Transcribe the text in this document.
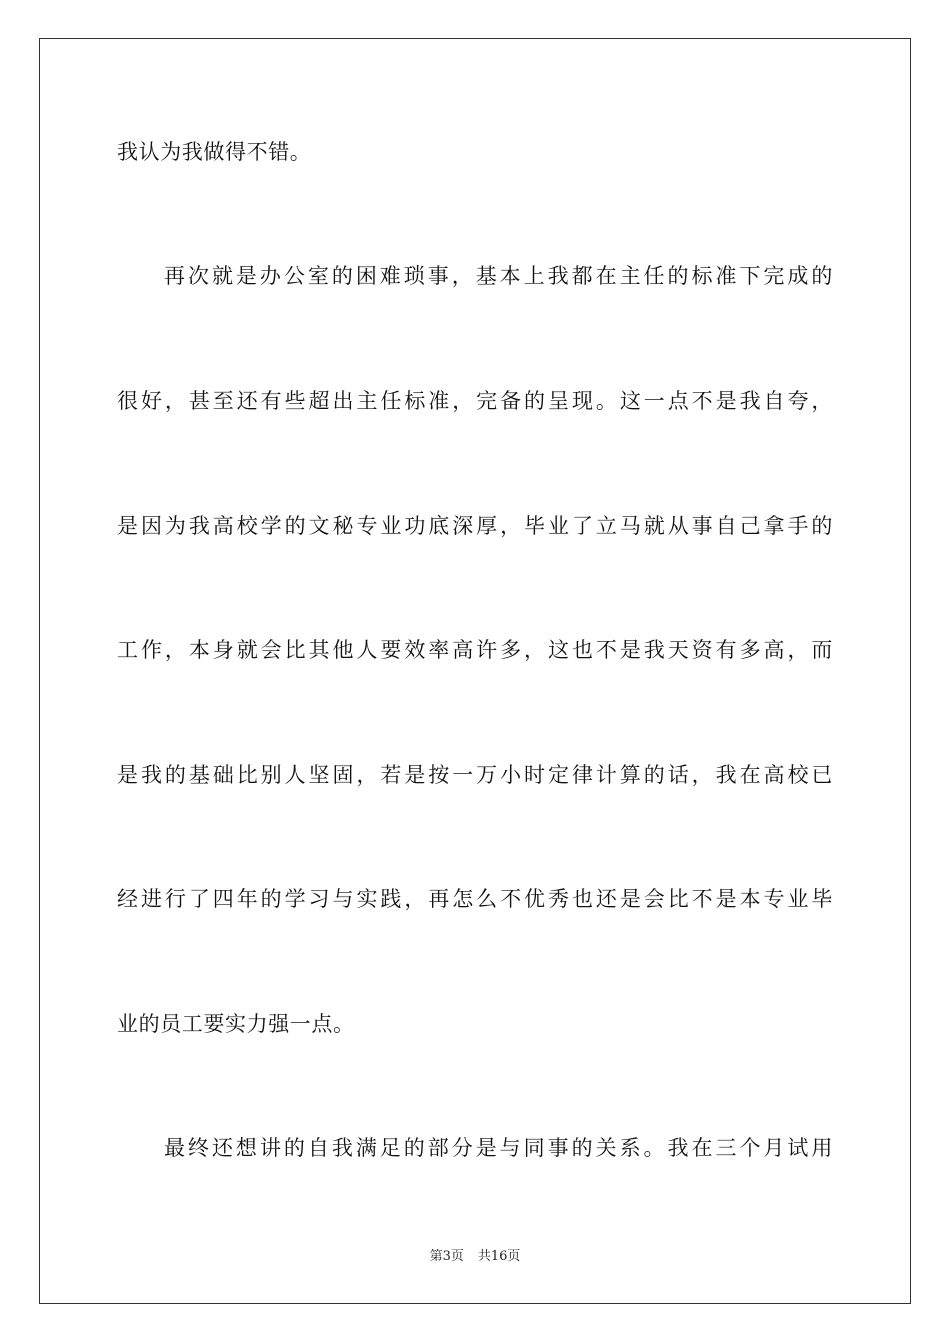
我认为我做得不错。
再次就是办公室的困难琐事，基本上我都在主任的标准下完成的
很好，甚至还有些超出主任标准，完备的呈现。这一点不是我自夸，
是因为我高校学的文秘专业功底深厚，毕业了立马就从事自己拿手的
工作，本身就会比其他人要效率高许多，这也不是我天资有多高，而
是我的基础比别人坚固，若是按一万小时定律计算的话，我在高校已
经进行了四年的学习与实践，再怎么不优秀也还是会比不是本专业毕
业的员工要实力强一点。
最终还想讲的自我满足的部分是与同事的关系。我在三个月试用
第3页 共16页
